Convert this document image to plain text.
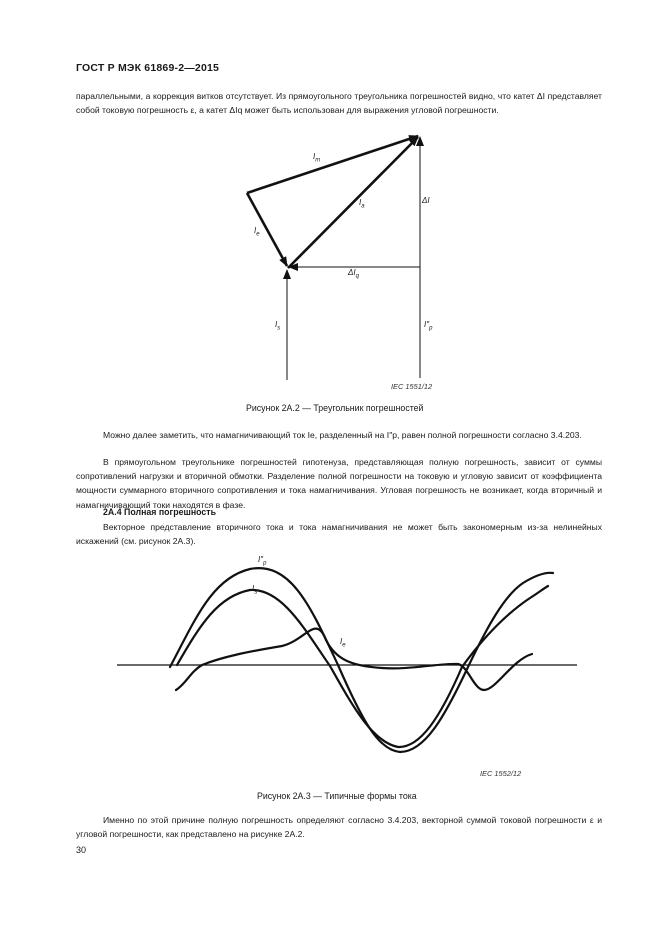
ГОСТ Р МЭК 61869-2—2015

параллельными, а коррекция витков отсутствует. Из прямоугольного треугольника погрешностей видно, что катет ΔI представляет собой токовую погрешность ε, а катет ΔIq может быть использован для выражения угловой погрешности.

$I_m$
$I_a$
$I_e$
ΔI
$\Delta I_q$
$I_s$	$I''_p$
IEC 1551/12
Рисунок 2А.2 — Треугольник погрешностей

Можно далее заметить, что намагничивающий ток Ie, разделенный на I″p, равен полной погрешности согласно 3.4.203.

В прямоугольном треугольнике погрешностей гипотенуза, представляющая полную погрешность, зависит от суммы сопротивлений нагрузки и вторичной обмотки. Разделение полной погрешности на токовую и угловую зависит от коэффициента мощности суммарного вторичного сопротивления и тока намагничивания. Угловая погрешность не возникает, когда вторичный и намагничивающий токи находятся в фазе.

2А.4 Полная погрешность

Векторное представление вторичного тока и тока намагничивания не может быть закономерным из-за нелинейных искажений (см. рисунок 2А.3).

$I''_p$
$I_s$
$I_e$
IEC 1552/12
Рисунок 2А.3 — Типичные формы тока

Именно по этой причине полную погрешность определяют согласно 3.4.203, векторной суммой токовой погрешности ε и угловой погрешности, как представлено на рисунке 2А.2.

30
